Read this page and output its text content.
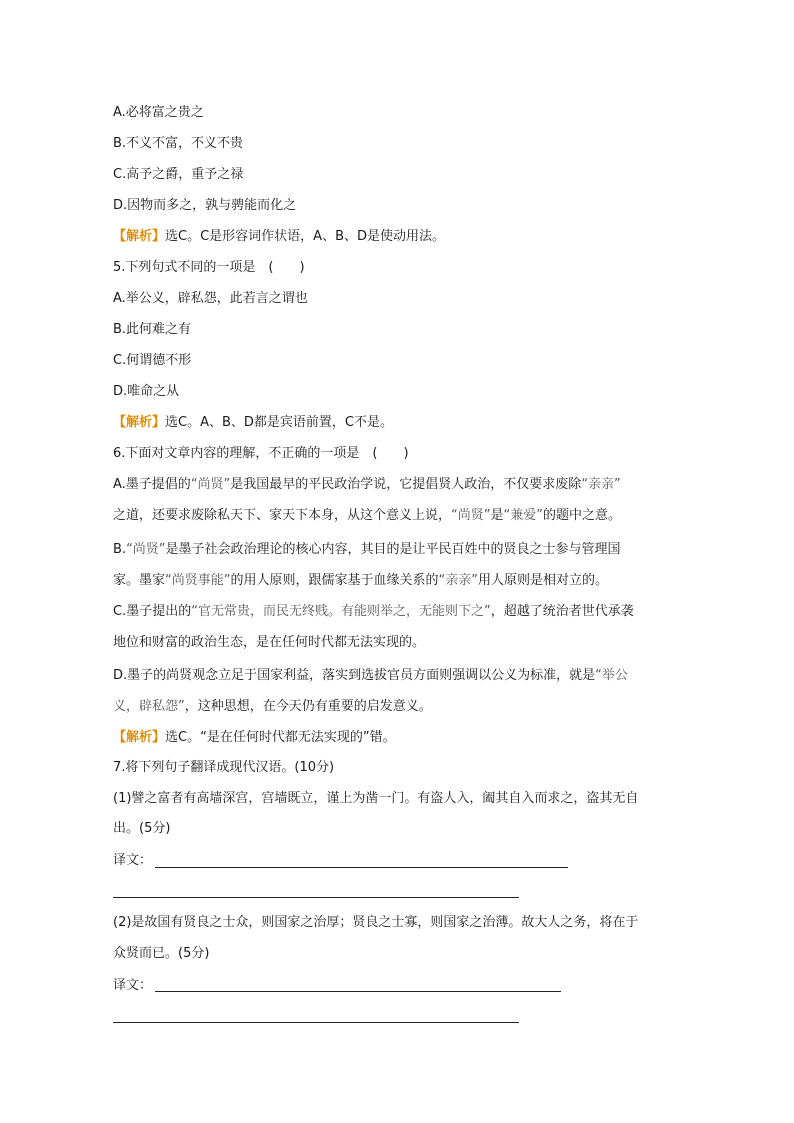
A.必将富之贵之
B.不义不富，不义不贵
C.高予之爵，重予之禄
D.因物而多之，孰与骋能而化之
【解析】选C。C是形容词作状语，A、B、D是使动用法。
5.下列句式不同的一项是　(　　)
A.举公义，辟私怨，此若言之谓也
B.此何难之有
C.何谓德不形
D.唯命之从
【解析】选C。A、B、D都是宾语前置，C不是。
6.下面对文章内容的理解，不正确的一项是　(　　)
A.墨子提倡的“尚贤”是我国最早的平民政治学说，它提倡贤人政治，不仅要求废除“亲亲”
之道，还要求废除私天下、家天下本身，从这个意义上说，“尚贤”是“兼爱”的题中之意。
B.“尚贤”是墨子社会政治理论的核心内容，其目的是让平民百姓中的贤良之士参与管理国
家。墨家“尚贤事能”的用人原则，跟儒家基于血缘关系的“亲亲”用人原则是相对立的。
C.墨子提出的“官无常贵，而民无终贱。有能则举之，无能则下之”，超越了统治者世代承袭
地位和财富的政治生态，是在任何时代都无法实现的。
D.墨子的尚贤观念立足于国家利益，落实到选拔官员方面则强调以公义为标准，就是“举公
义，辟私怨”，这种思想，在今天仍有重要的启发意义。
【解析】选C。“是在任何时代都无法实现的”错。
7.将下列句子翻译成现代汉语。(10分)
(1)譬之富者有高墙深宫，宫墙既立，谨上为凿一门。有盗人入，阖其自入而求之，盗其无自
出。(5分)
译文：
(2)是故国有贤良之士众，则国家之治厚；贤良之士寡，则国家之治薄。故大人之务，将在于
众贤而已。(5分)
译文：
